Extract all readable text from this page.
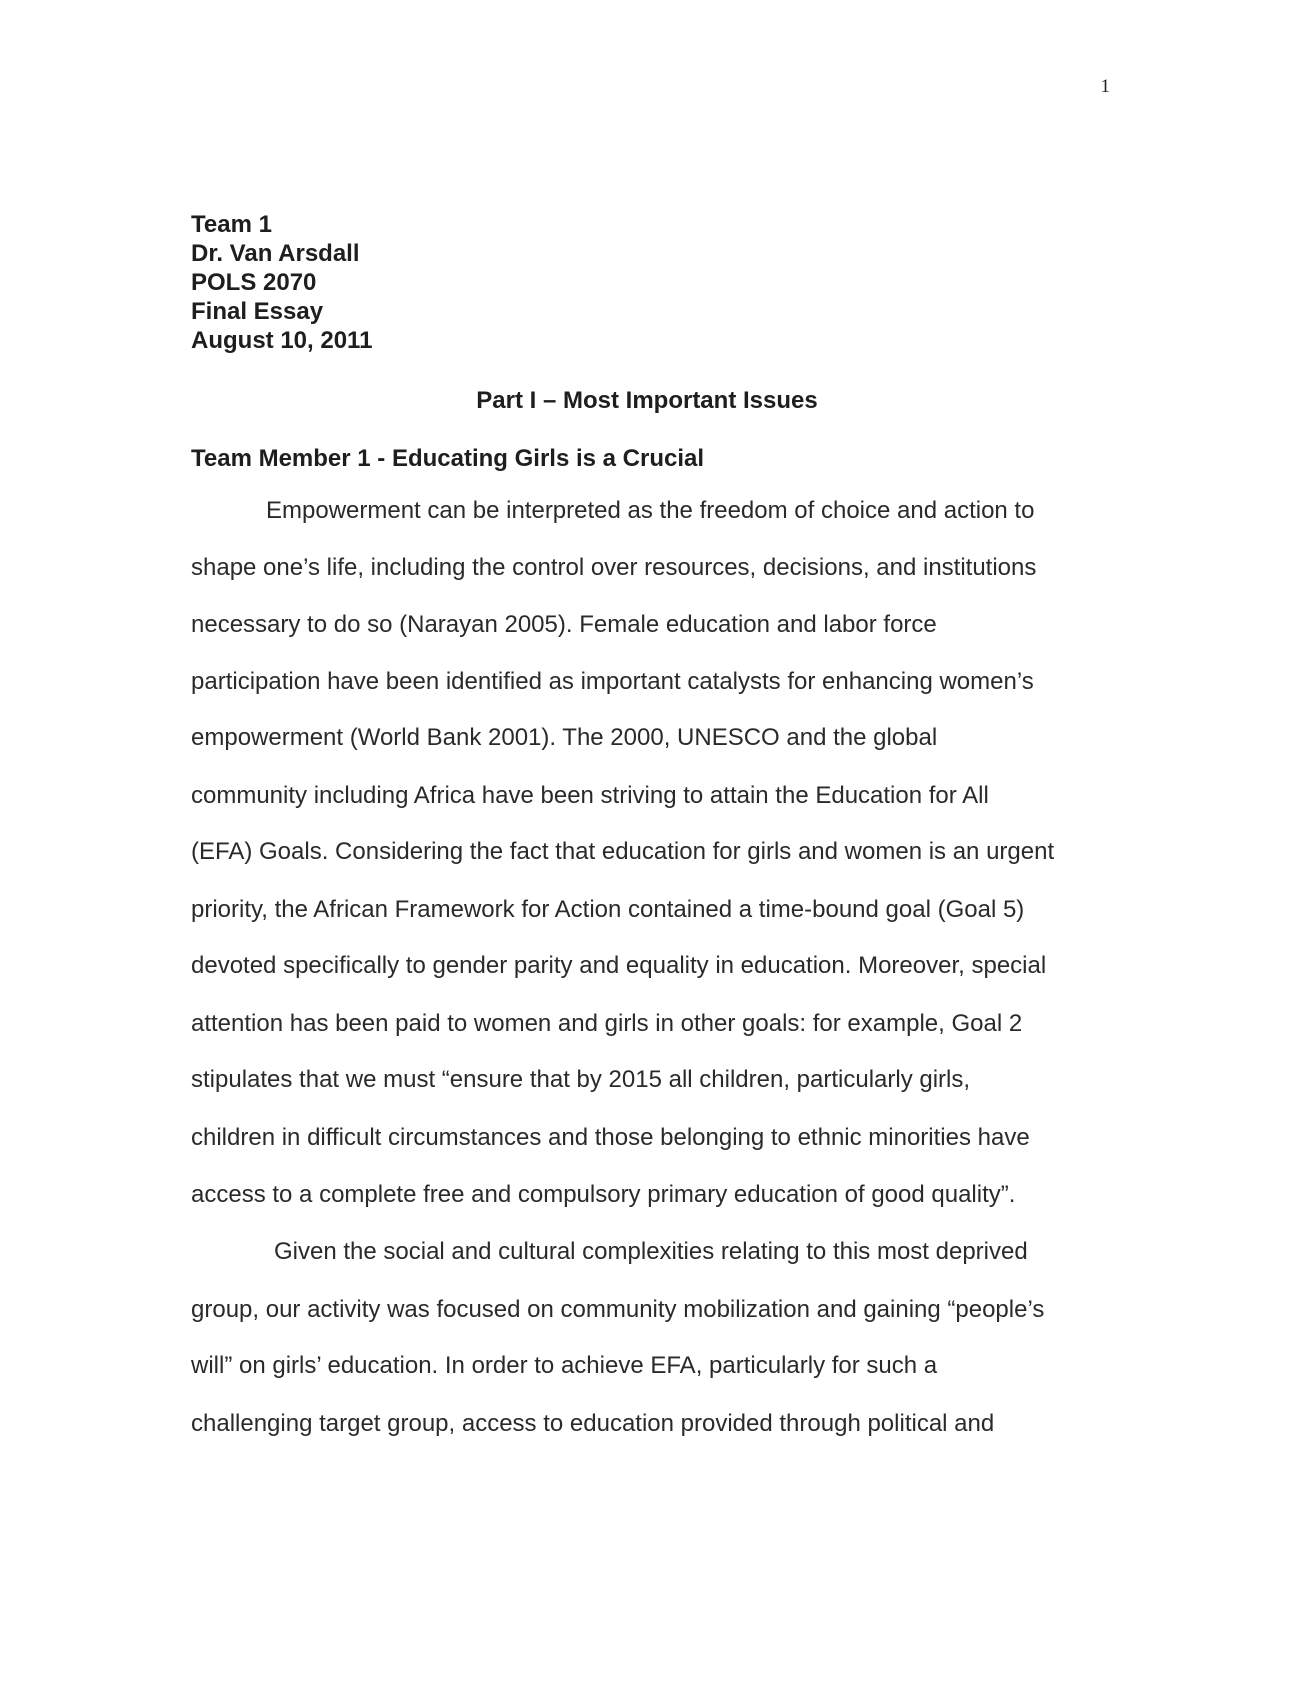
1
Team 1
Dr. Van Arsdall
POLS 2070
Final Essay
August 10, 2011
Part I – Most Important Issues
Team Member 1 - Educating Girls is a Crucial
Empowerment can be interpreted as the freedom of choice and action to
shape one’s life, including the control over resources, decisions, and institutions
necessary to do so (Narayan 2005). Female education and labor force
participation have been identified as important catalysts for enhancing women’s
empowerment (World Bank 2001). The 2000, UNESCO and the global
community including Africa have been striving to attain the Education for All
(EFA) Goals. Considering the fact that education for girls and women is an urgent
priority, the African Framework for Action contained a time-bound goal (Goal 5)
devoted specifically to gender parity and equality in education. Moreover, special
attention has been paid to women and girls in other goals: for example, Goal 2
stipulates that we must “ensure that by 2015 all children, particularly girls,
children in difficult circumstances and those belonging to ethnic minorities have
access to a complete free and compulsory primary education of good quality”.
Given the social and cultural complexities relating to this most deprived
group, our activity was focused on community mobilization and gaining “people’s
will” on girls’ education. In order to achieve EFA, particularly for such a
challenging target group, access to education provided through political and
